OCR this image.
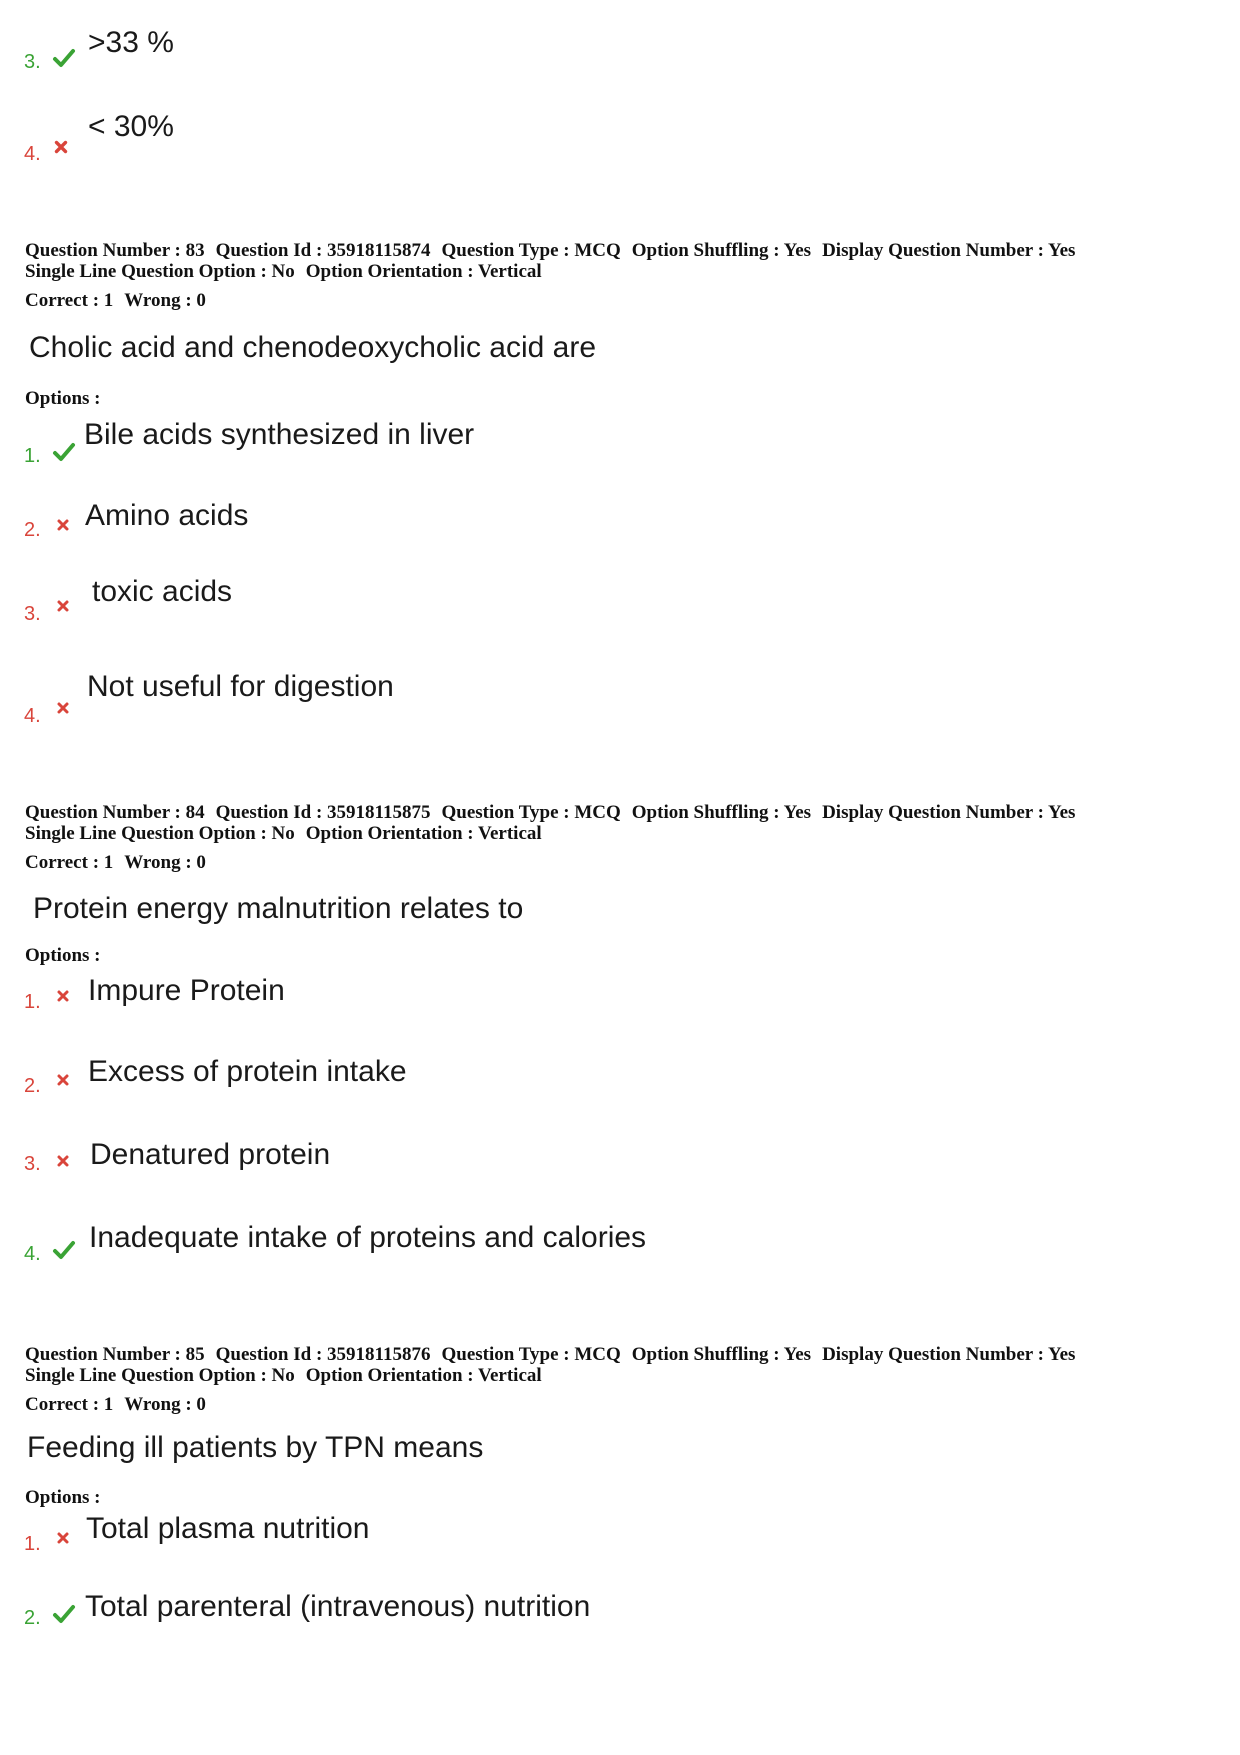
3.
>33 %
4.
< 30%
Question Number : 83 Question Id : 35918115874 Question Type : MCQ Option Shuffling : Yes Display Question Number : Yes
Single Line Question Option : No Option Orientation : Vertical
Correct : 1 Wrong : 0
Cholic acid and chenodeoxycholic acid are
Options :
1.
Bile acids synthesized in liver
2. Amino acids
3.
toxic acids
4.
Not useful for digestion
Question Number : 84 Question Id : 35918115875 Question Type : MCQ Option Shuffling : Yes Display Question Number : Yes
Single Line Question Option : No Option Orientation : Vertical
Correct : 1 Wrong : 0
Protein energy malnutrition relates to
Options :
1. Impure Protein
2. Excess of protein intake
3. Denatured protein
4. Inadequate intake of proteins and calories
Question Number : 85 Question Id : 35918115876 Question Type : MCQ Option Shuffling : Yes Display Question Number : Yes
Single Line Question Option : No Option Orientation : Vertical
Correct : 1 Wrong : 0
Feeding ill patients by TPN means
Options :
1. Total plasma nutrition
2. Total parenteral (intravenous) nutrition
